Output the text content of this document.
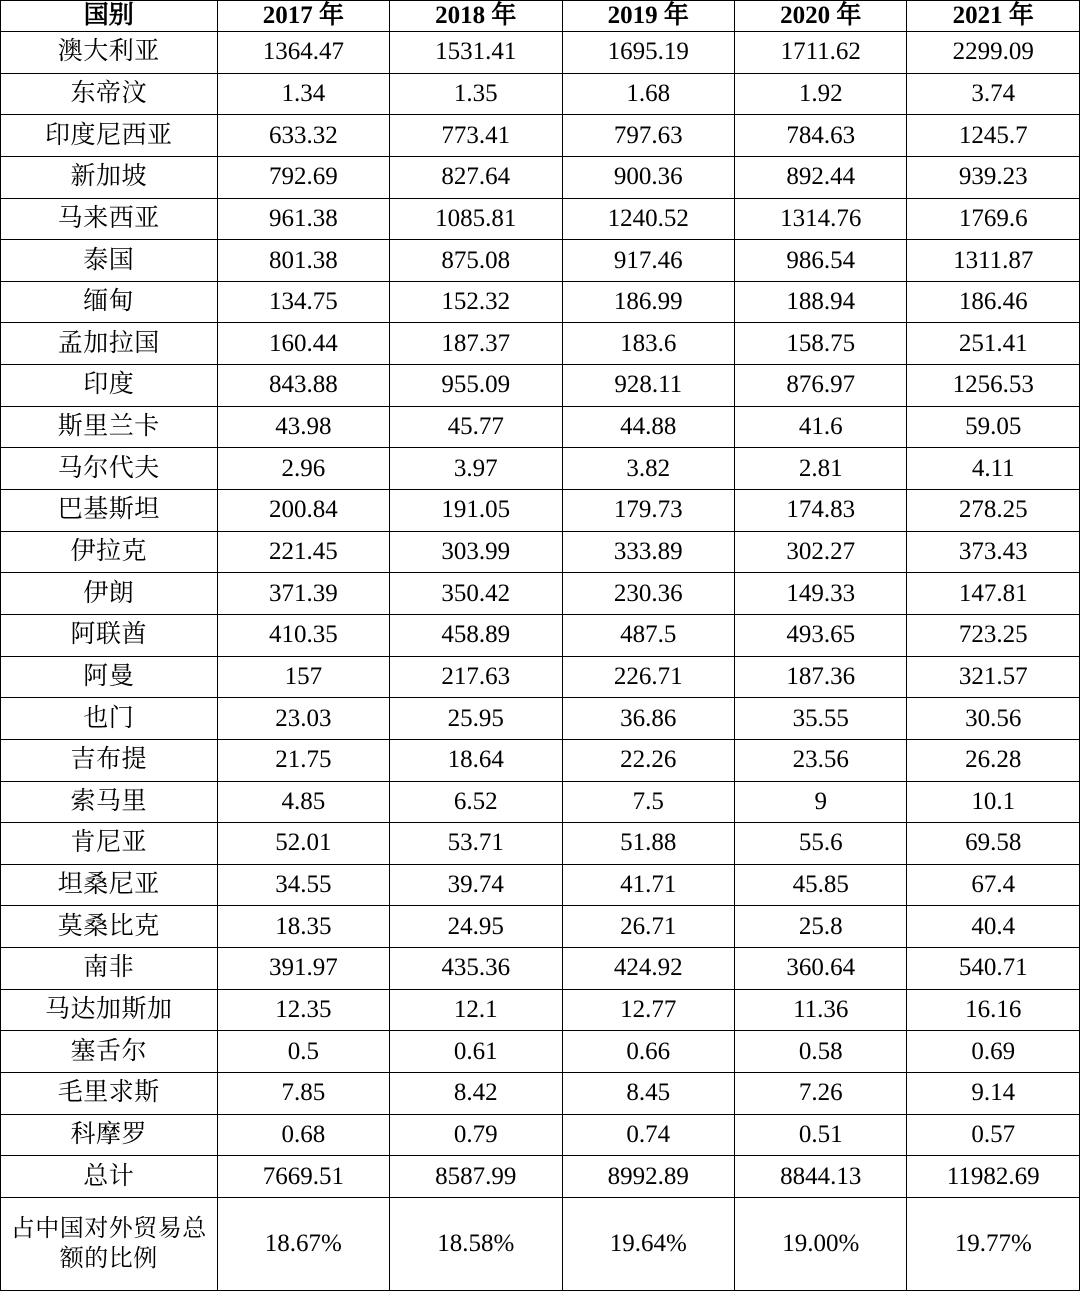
国别	2017 年	2018 年	2019 年	2020 年	2021 年
澳大利亚	1364.47	1531.41	1695.19	1711.62	2299.09
东帝汶	1.34	1.35	1.68	1.92	3.74
印度尼西亚	633.32	773.41	797.63	784.63	1245.7
新加坡	792.69	827.64	900.36	892.44	939.23
马来西亚	961.38	1085.81	1240.52	1314.76	1769.6
泰国	801.38	875.08	917.46	986.54	1311.87
缅甸	134.75	152.32	186.99	188.94	186.46
孟加拉国	160.44	187.37	183.6	158.75	251.41
印度	843.88	955.09	928.11	876.97	1256.53
斯里兰卡	43.98	45.77	44.88	41.6	59.05
马尔代夫	2.96	3.97	3.82	2.81	4.11
巴基斯坦	200.84	191.05	179.73	174.83	278.25
伊拉克	221.45	303.99	333.89	302.27	373.43
伊朗	371.39	350.42	230.36	149.33	147.81
阿联酋	410.35	458.89	487.5	493.65	723.25
阿曼	157	217.63	226.71	187.36	321.57
也门	23.03	25.95	36.86	35.55	30.56
吉布提	21.75	18.64	22.26	23.56	26.28
索马里	4.85	6.52	7.5	9	10.1
肯尼亚	52.01	53.71	51.88	55.6	69.58
坦桑尼亚	34.55	39.74	41.71	45.85	67.4
莫桑比克	18.35	24.95	26.71	25.8	40.4
南非	391.97	435.36	424.92	360.64	540.71
马达加斯加	12.35	12.1	12.77	11.36	16.16
塞舌尔	0.5	0.61	0.66	0.58	0.69
毛里求斯	7.85	8.42	8.45	7.26	9.14
科摩罗	0.68	0.79	0.74	0.51	0.57
总计	7669.51	8587.99	8992.89	8844.13	11982.69
占中国对外贸易总额的比例	18.67%	18.58%	19.64%	19.00%	19.77%
